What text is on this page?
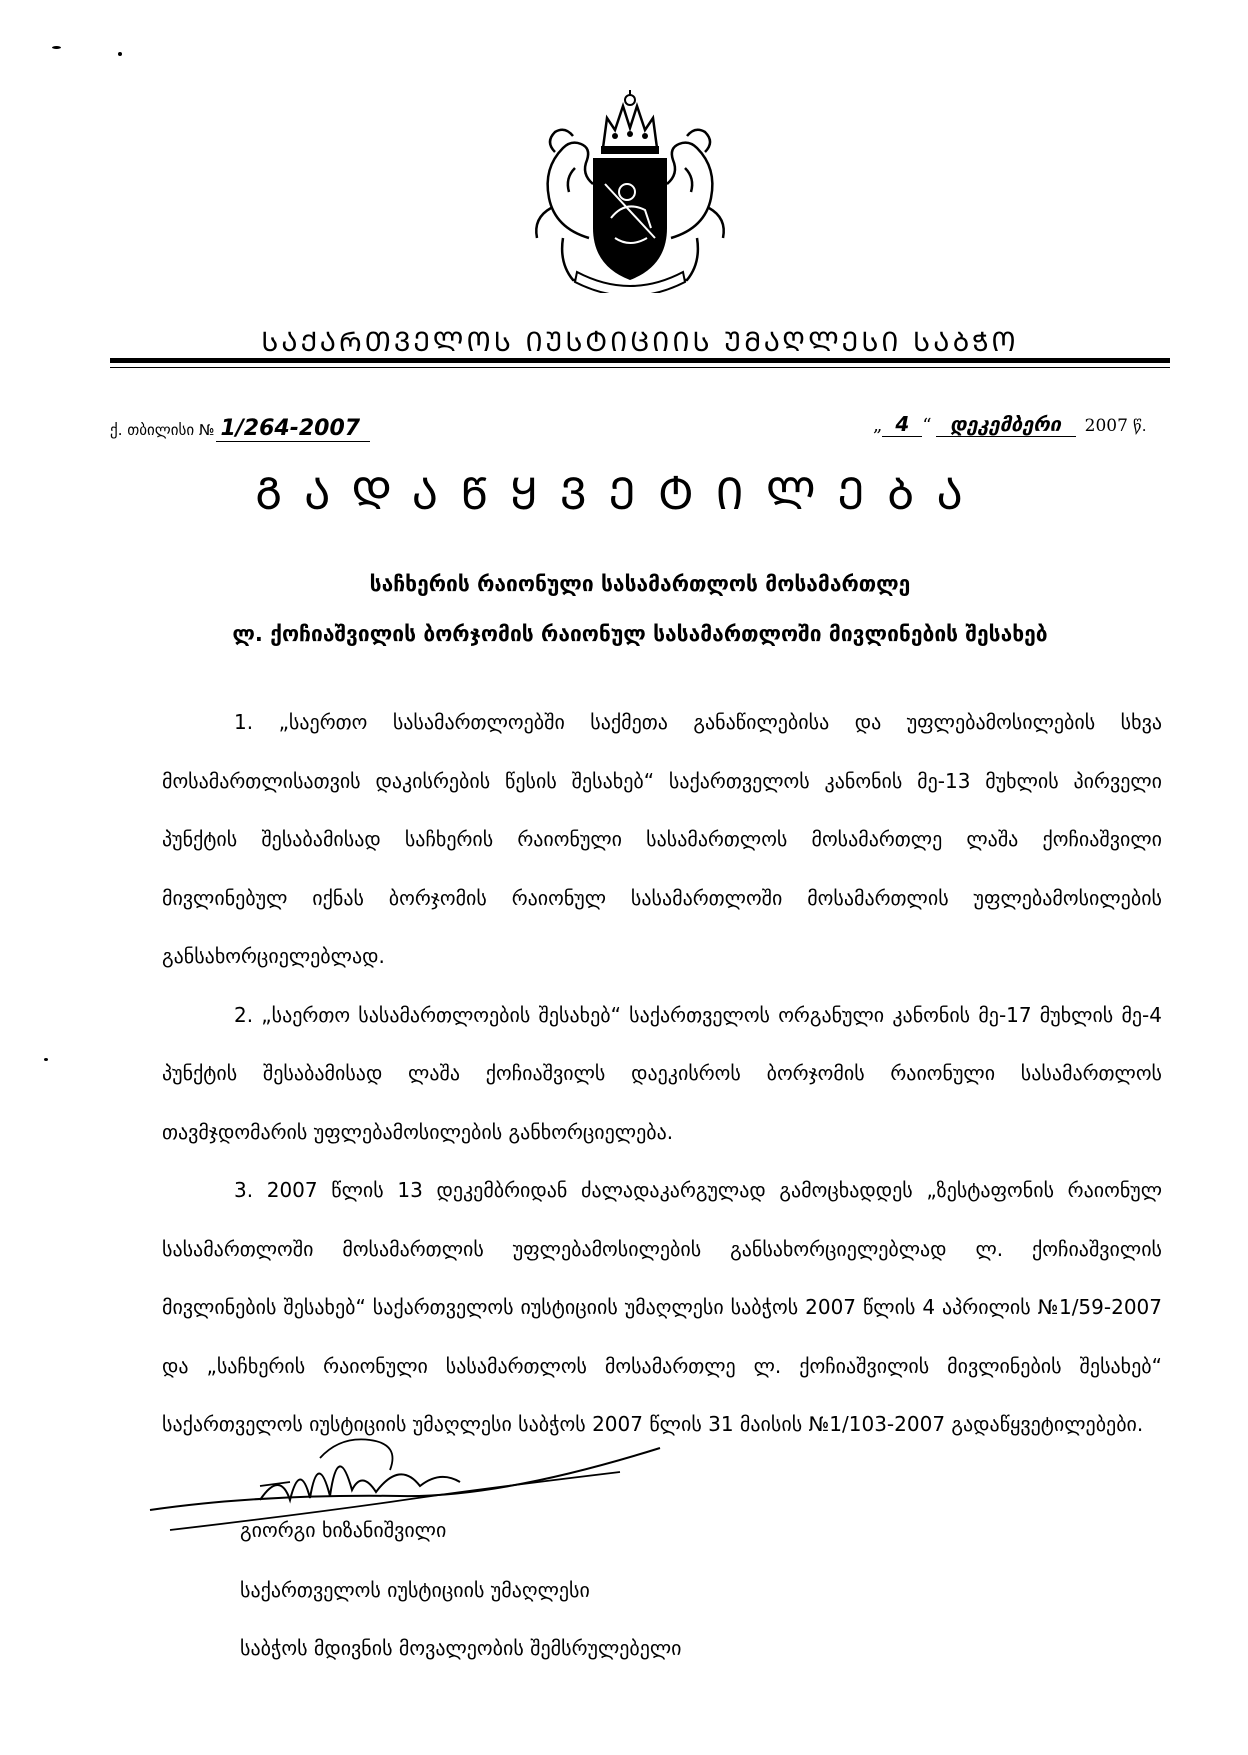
ᲡᲐᲥᲐᲠᲗᲕᲔᲚᲝᲡ ᲘᲣᲡᲢᲘᲪᲘᲘᲡ ᲣᲛᲐᲦᲚᲔᲡᲘ ᲡᲐᲑᲭᲝ
ქ. თბილისი № 1/264-2007	„ 4 “ დეკემბერი 2007 წ.
ᲒᲐᲓᲐᲬᲧᲕᲔᲢᲘᲚᲔᲑᲐ
საჩხერის რაიონული სასამართლოს მოსამართლე
ლ. ქოჩიაშვილის ბორჯომის რაიონულ სასამართლოში მივლინების შესახებ

1. „საერთო სასამართლოებში საქმეთა განაწილებისა და უფლებამოსილების სხვა მოსამართლისათვის დაკისრების წესის შესახებ“ საქართველოს კანონის მე-13 მუხლის პირველი პუნქტის შესაბამისად საჩხერის რაიონული სასამართლოს მოსამართლე ლაშა ქოჩიაშვილი მივლინებულ იქნას ბორჯომის რაიონულ სასამართლოში მოსამართლის უფლებამოსილების განსახორციელებლად.

2. „საერთო სასამართლოების შესახებ“ საქართველოს ორგანული კანონის მე-17 მუხლის მე-4 პუნქტის შესაბამისად ლაშა ქოჩიაშვილს დაეკისროს ბორჯომის რაიონული სასამართლოს თავმჯდომარის უფლებამოსილების განხორციელება.

3. 2007 წლის 13 დეკემბრიდან ძალადაკარგულად გამოცხადდეს „ზესტაფონის რაიონულ სასამართლოში მოსამართლის უფლებამოსილების განსახორციელებლად ლ. ქოჩიაშვილის მივლინების შესახებ“ საქართველოს იუსტიციის უმაღლესი საბჭოს 2007 წლის 4 აპრილის №1/59-2007 და „საჩხერის რაიონული სასამართლოს მოსამართლე ლ. ქოჩიაშვილის მივლინების შესახებ“ საქართველოს იუსტიციის უმაღლესი საბჭოს 2007 წლის 31 მაისის №1/103-2007 გადაწყვეტილებები.

გიორგი ხიზანიშვილი
საქართველოს იუსტიციის უმაღლესი
საბჭოს მდივნის მოვალეობის შემსრულებელი
